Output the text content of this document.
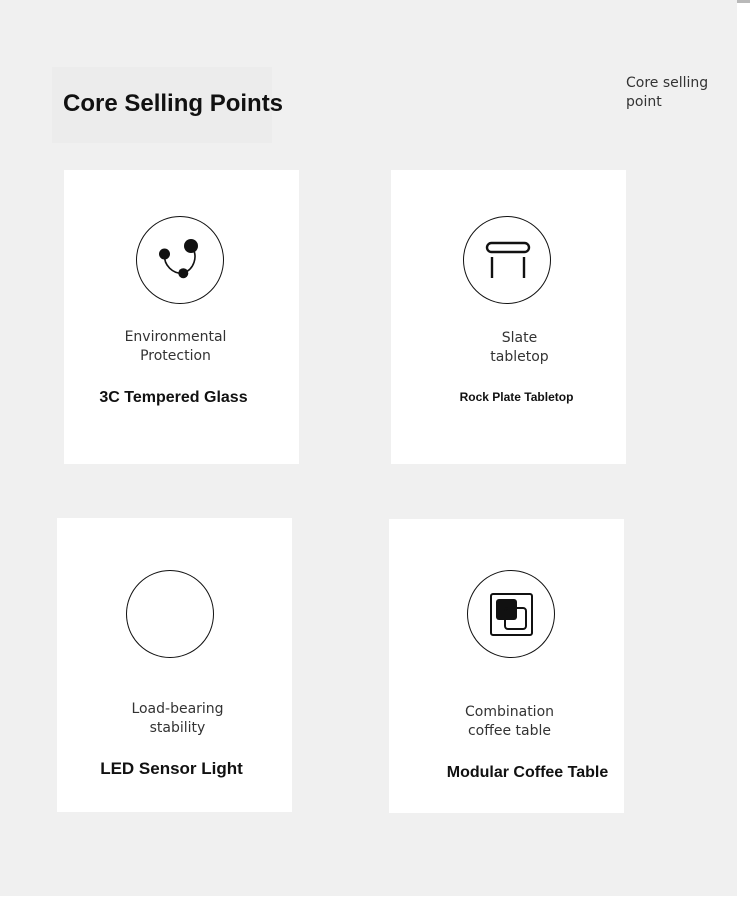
Core Selling Points
Core selling
point
Environmental
Protection
3C Tempered Glass
Slate
tabletop
Rock Plate Tabletop
Load-bearing
stability
LED Sensor Light
Combination
coffee table
Modular Coffee Table
